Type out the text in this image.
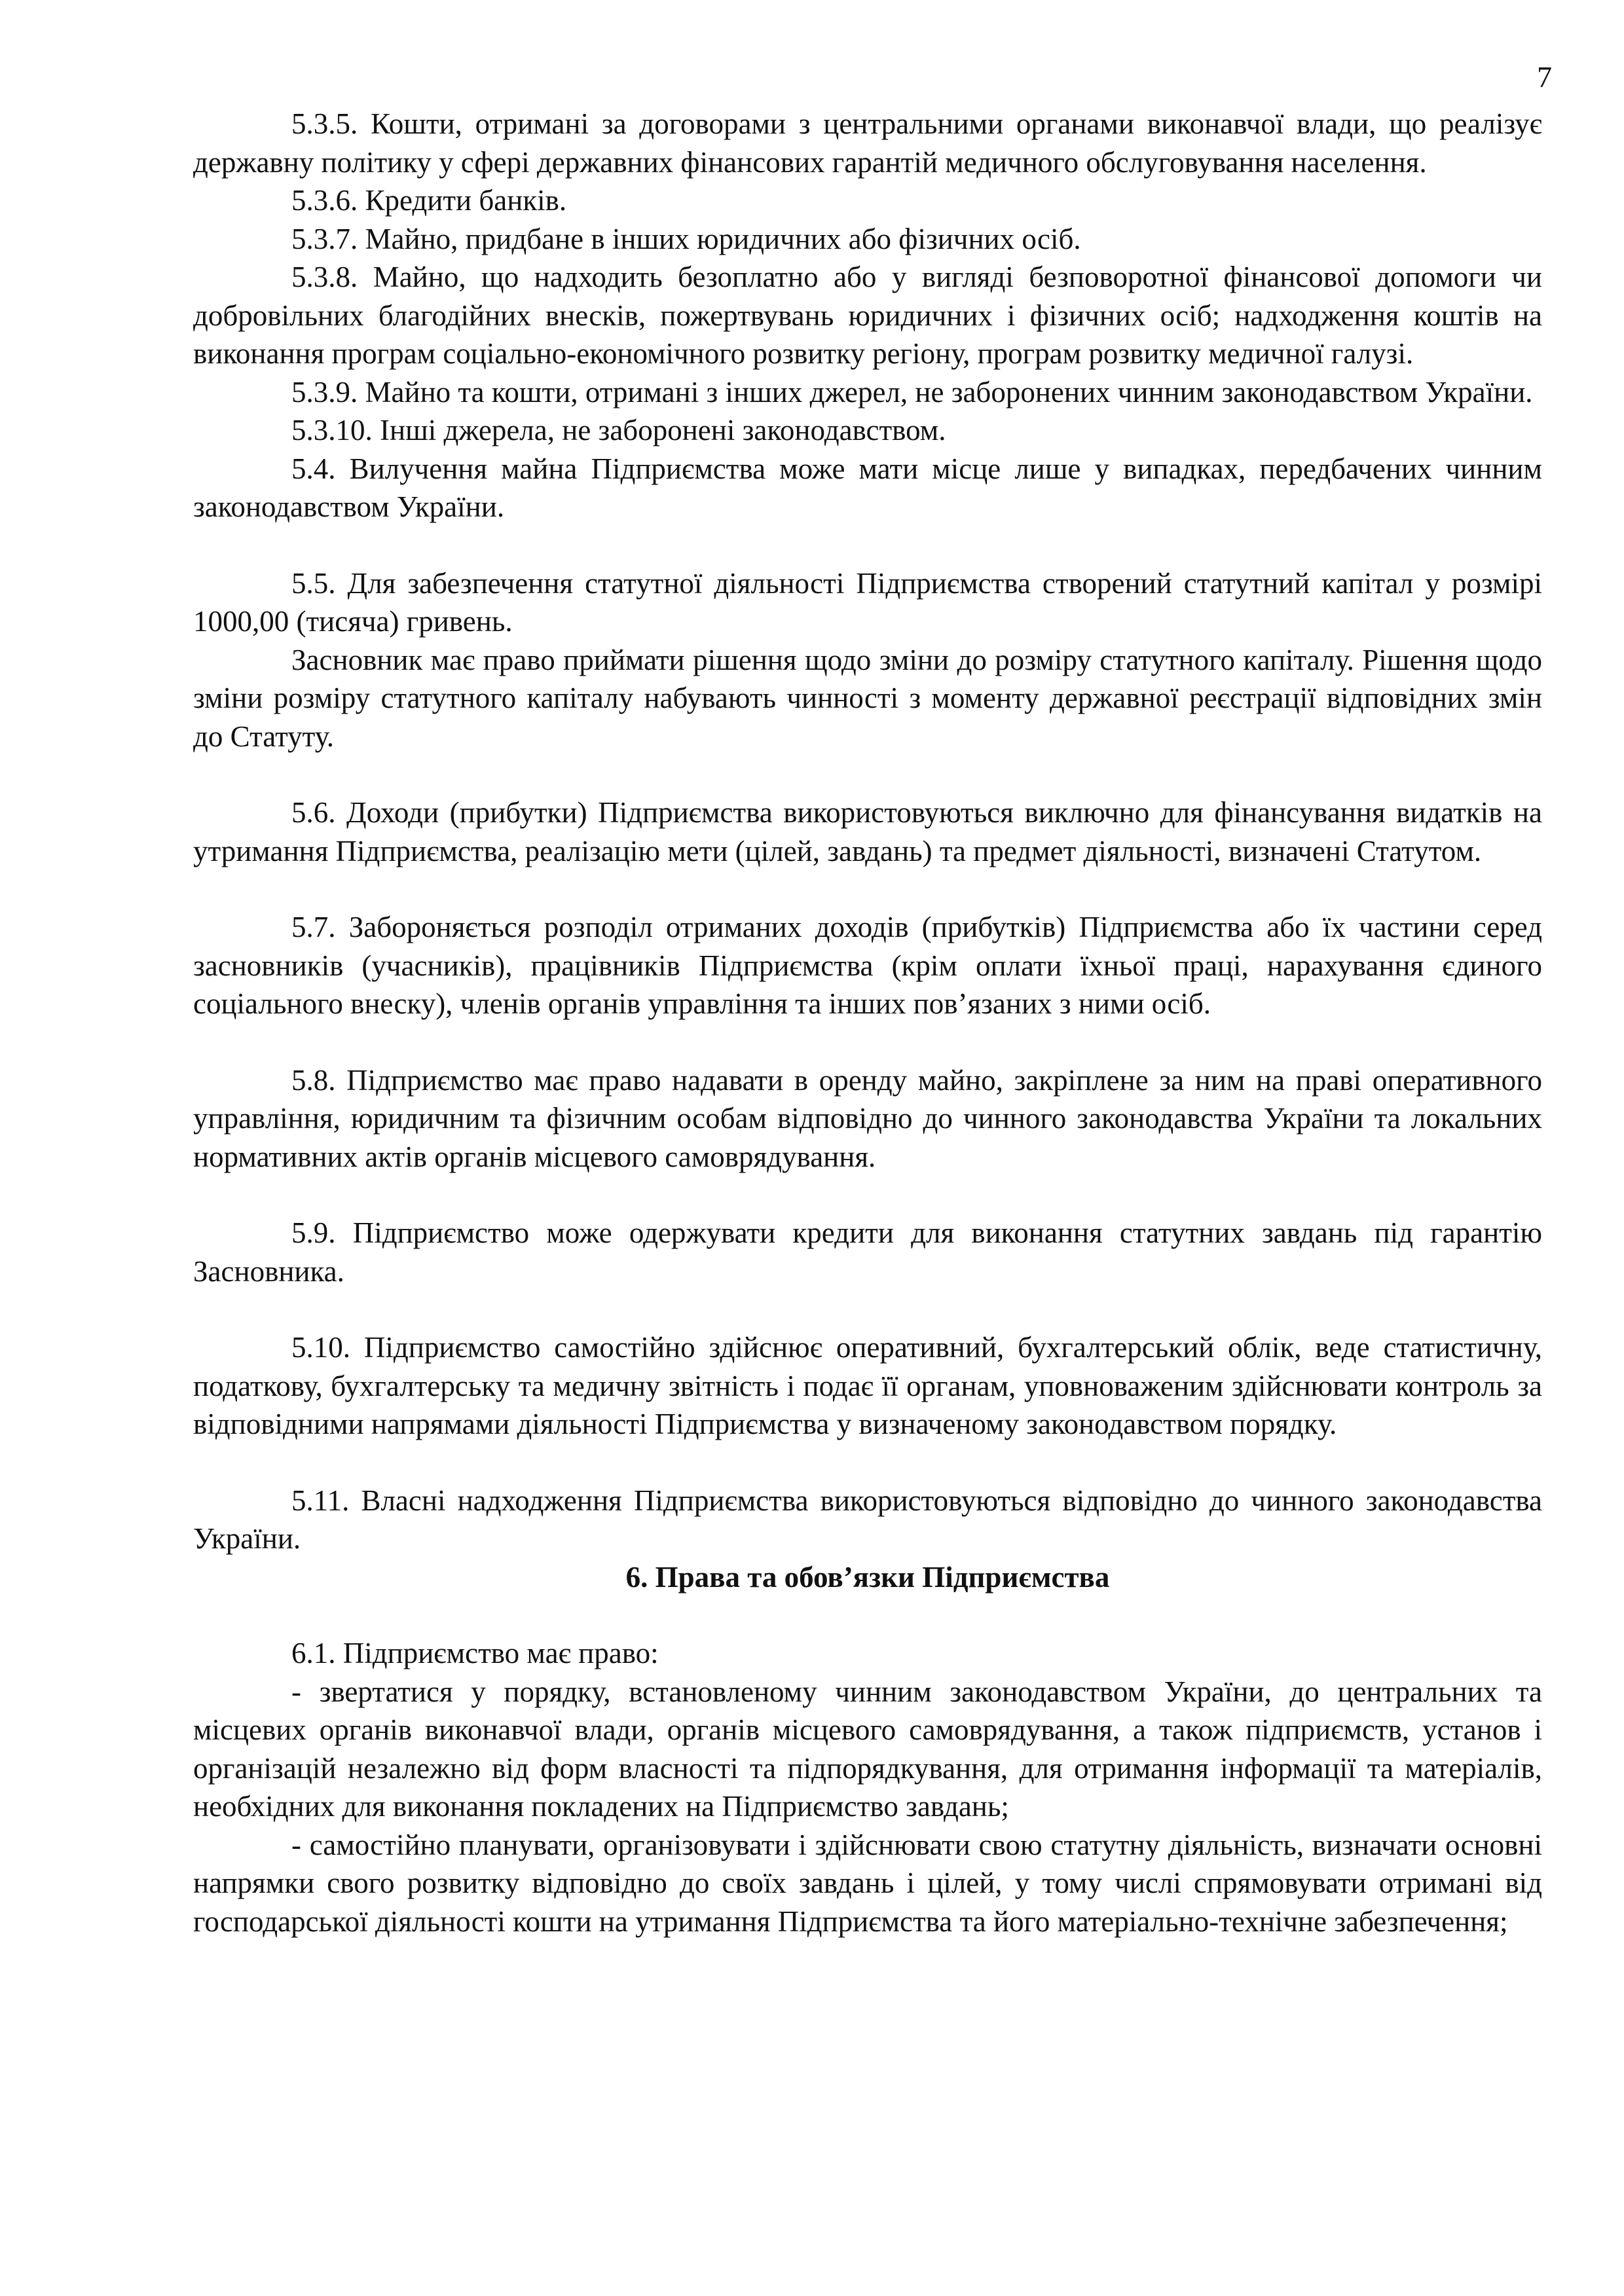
7

5.3.5. Кошти, отримані за договорами з центральними органами виконавчої влади, що реалізує державну політику у сфері державних фінансових гарантій медичного обслуговування населення.

5.3.6. Кредити банків.

5.3.7. Майно, придбане в інших юридичних або фізичних осіб.

5.3.8. Майно, що надходить безоплатно або у вигляді безповоротної фінансової допомоги чи добровільних благодійних внесків, пожертвувань юридичних і фізичних осіб; надходження коштів на виконання програм соціально-економічного розвитку регіону, програм розвитку медичної галузі.

5.3.9. Майно та кошти, отримані з інших джерел, не заборонених чинним законодавством України.

5.3.10. Інші джерела, не заборонені законодавством.

5.4. Вилучення майна Підприємства може мати місце лише у випадках, передбачених чинним законодавством України.

5.5. Для забезпечення статутної діяльності Підприємства створений статутний капітал у розмірі 1000,00 (тисяча) гривень.

Засновник має право приймати рішення щодо зміни до розміру статутного капіталу. Рішення щодо зміни розміру статутного капіталу набувають чинності з моменту державної реєстрації відповідних змін до Статуту.

5.6. Доходи (прибутки) Підприємства використовуються виключно для фінансування видатків на утримання Підприємства, реалізацію мети (цілей, завдань) та предмет діяльності, визначені Статутом.

5.7. Забороняється розподіл отриманих доходів (прибутків) Підприємства або їх частини серед засновників (учасників), працівників Підприємства (крім оплати їхньої праці, нарахування єдиного соціального внеску), членів органів управління та інших пов’язаних з ними осіб.

5.8. Підприємство має право надавати в оренду майно, закріплене за ним на праві оперативного управління, юридичним та фізичним особам відповідно до чинного законодавства України та локальних нормативних актів органів місцевого самоврядування.

5.9. Підприємство може одержувати кредити для виконання статутних завдань під гарантію Засновника.

5.10. Підприємство самостійно здійснює оперативний, бухгалтерський облік, веде статистичну, податкову, бухгалтерську та медичну звітність і подає її органам, уповноваженим здійснювати контроль за відповідними напрямами діяльності Підприємства у визначеному законодавством порядку.

5.11. Власні надходження Підприємства використовуються відповідно до чинного законодавства України.

6. Права та обов’язки Підприємства

6.1. Підприємство має право:

- звертатися у порядку, встановленому чинним законодавством України, до центральних та місцевих органів виконавчої влади, органів місцевого самоврядування, а також підприємств, установ і організацій незалежно від форм власності та підпорядкування, для отримання інформації та матеріалів, необхідних для виконання покладених на Підприємство завдань;

- самостійно планувати, організовувати і здійснювати свою статутну діяльність, визначати основні напрямки свого розвитку відповідно до своїх завдань і цілей, у тому числі спрямовувати отримані від господарської діяльності кошти на утримання Підприємства та його матеріально-технічне забезпечення;
